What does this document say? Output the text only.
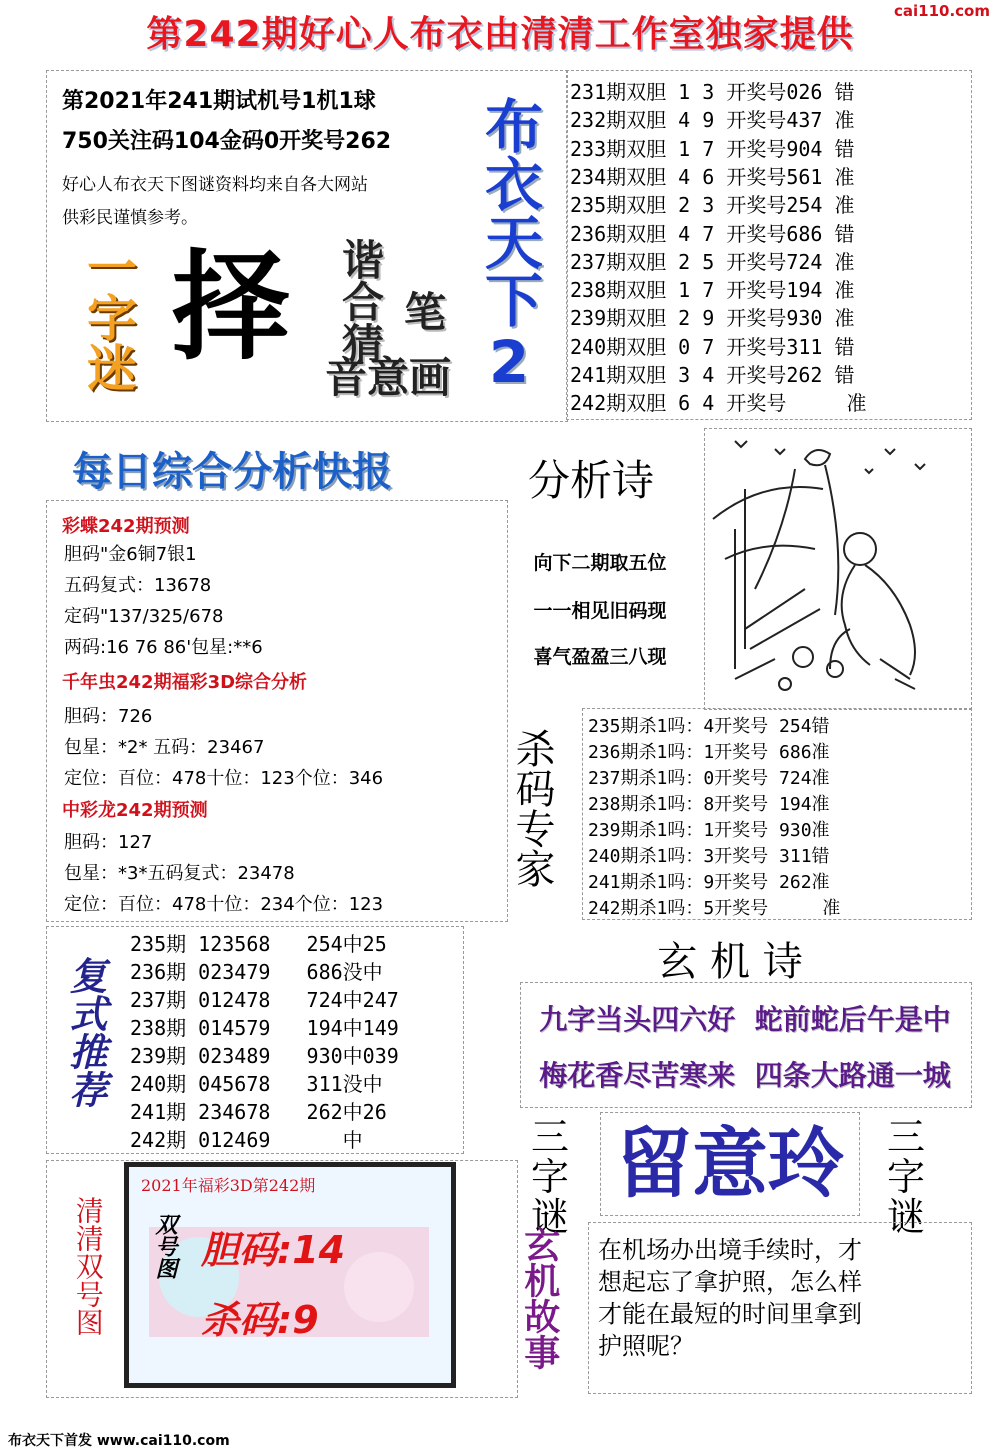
第242期好心人布衣由清清工作室独家提供
cai110.com
第2021年241期试机号1机1球
750关注码104金码0开奖号262
好心人布衣天下图谜资料均来自各大网站
供彩民谨慎参考。
一字迷 择 谐合猜
音意画
笔 布衣天下2
231期双胆 1 3 开奖号026 错
232期双胆 4 9 开奖号437 准
233期双胆 1 7 开奖号904 错
234期双胆 4 6 开奖号561 准
235期双胆 2 3 开奖号254 准
236期双胆 4 7 开奖号686 错
237期双胆 2 5 开奖号724 准
238期双胆 1 7 开奖号194 准
239期双胆 2 9 开奖号930 准
240期双胆 0 7 开奖号311 错
241期双胆 3 4 开奖号262 错
242期双胆 6 4 开奖号     准
每日综合分析快报
彩蝶242期预测
胆码"金6铜7银1
五码复式：13678
定码"137/325/678
两码:16 76 86'包星:**6
千年虫242期福彩3D综合分析
胆码：726
包星：*2* 五码：23467
定位：百位：478十位：123个位：346
中彩龙242期预测
胆码：127
包星：*3*五码复式：23478
定位：百位：478十位：234个位：123
分析诗
向下二期取五位
一一相见旧码现
喜气盈盈三八现
杀码专家
235期杀1吗：4开奖号 254错
236期杀1吗：1开奖号 686准
237期杀1吗：0开奖号 724准
238期杀1吗：8开奖号 194准
239期杀1吗：1开奖号 930准
240期杀1吗：3开奖号 311错
241期杀1吗：9开奖号 262准
242期杀1吗：5开奖号     准
复式推荐
235期 123568   254中25
236期 023479   686没中
237期 012478   724中247
238期 014579   194中149
239期 023489   930中039
240期 045678   311没中
241期 234678   262中26
242期 012469      中
玄 机 诗
九字当头四六好  蛇前蛇后午是中
梅花香尽苦寒来  四条大路通一城
三字谜
留意玲	三字谜
清清双号图
2021年福彩3D第242期
双号图 胆码:14
杀码:9	玄机故事 在机场办出境手续时，才
想起忘了拿护照，怎么样
才能在最短的时间里拿到
护照呢？
布衣天下首发 www.cai110.com
